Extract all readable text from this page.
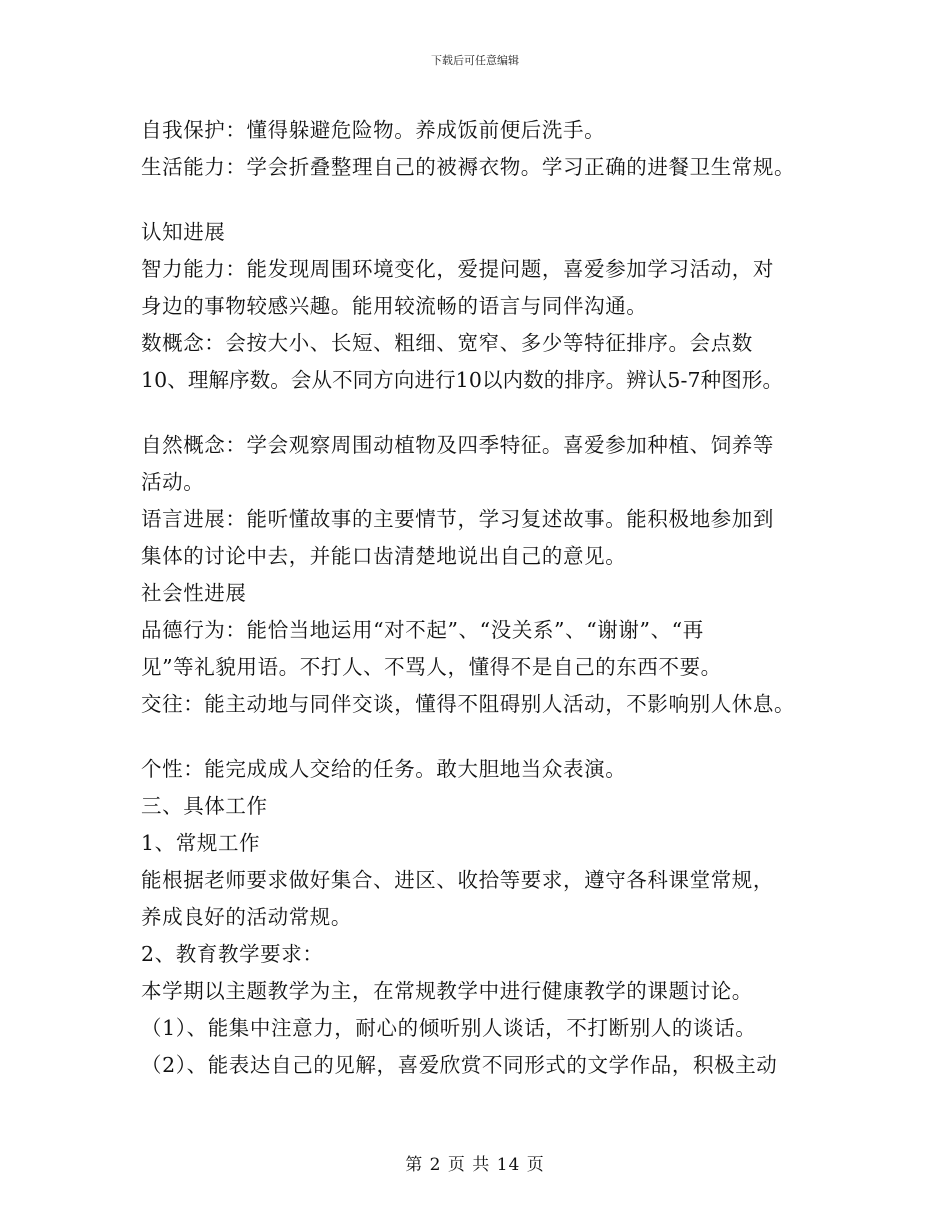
下载后可任意编辑
自我保护：懂得躲避危险物。养成饭前便后洗手。
生活能力：学会折叠整理自己的被褥衣物。学习正确的进餐卫生常规。
认知进展
智力能力：能发现周围环境变化，爱提问题，喜爱参加学习活动，对
身边的事物较感兴趣。能用较流畅的语言与同伴沟通。
数概念：会按大小、长短、粗细、宽窄、多少等特征排序。会点数
10、理解序数。会从不同方向进行10以内数的排序。辨认5-7种图形。
自然概念：学会观察周围动植物及四季特征。喜爱参加种植、饲养等
活动。
语言进展：能听懂故事的主要情节，学习复述故事。能积极地参加到
集体的讨论中去，并能口齿清楚地说出自己的意见。
社会性进展
品德行为：能恰当地运用“对不起”、“没关系”、“谢谢”、“再
见”等礼貌用语。不打人、不骂人，懂得不是自己的东西不要。
交往：能主动地与同伴交谈，懂得不阻碍别人活动，不影响别人休息。
个性：能完成成人交给的任务。敢大胆地当众表演。
三、具体工作
1、常规工作
能根据老师要求做好集合、进区、收拾等要求，遵守各科课堂常规，
养成良好的活动常规。
2、教育教学要求：
本学期以主题教学为主，在常规教学中进行健康教学的课题讨论。
（1）、能集中注意力，耐心的倾听别人谈话，不打断别人的谈话。
（2）、能表达自己的见解，喜爱欣赏不同形式的文学作品，积极主动
第 2 页 共 14 页
